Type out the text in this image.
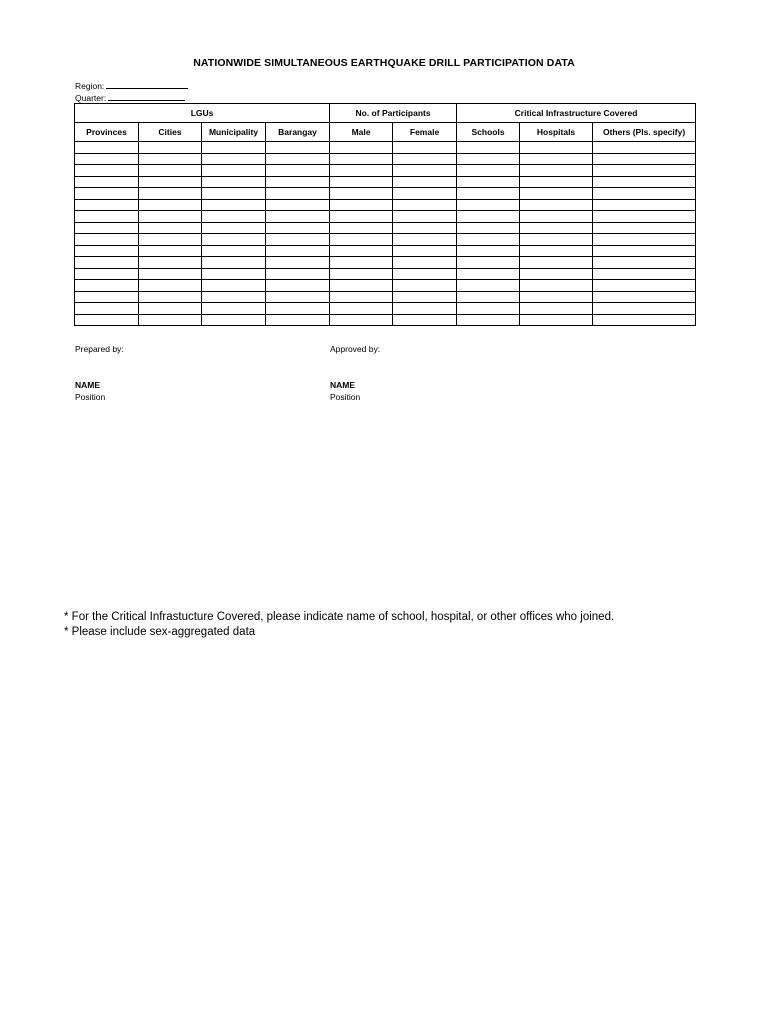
NATIONWIDE SIMULTANEOUS EARTHQUAKE DRILL PARTICIPATION DATA
Region:
Quarter:
LGUs				No. of Participants		Critical Infrastructure Covered		
Provinces	Cities	Municipality	Barangay	Male	Female	Schools	Hospitals	Others (Pls. specify)

Prepared by:
NAME
Position
Approved by:
NAME
Position
* For the Critical Infrastucture Covered, please indicate name of school, hospital, or other offices who joined.
* Please include sex-aggregated data
